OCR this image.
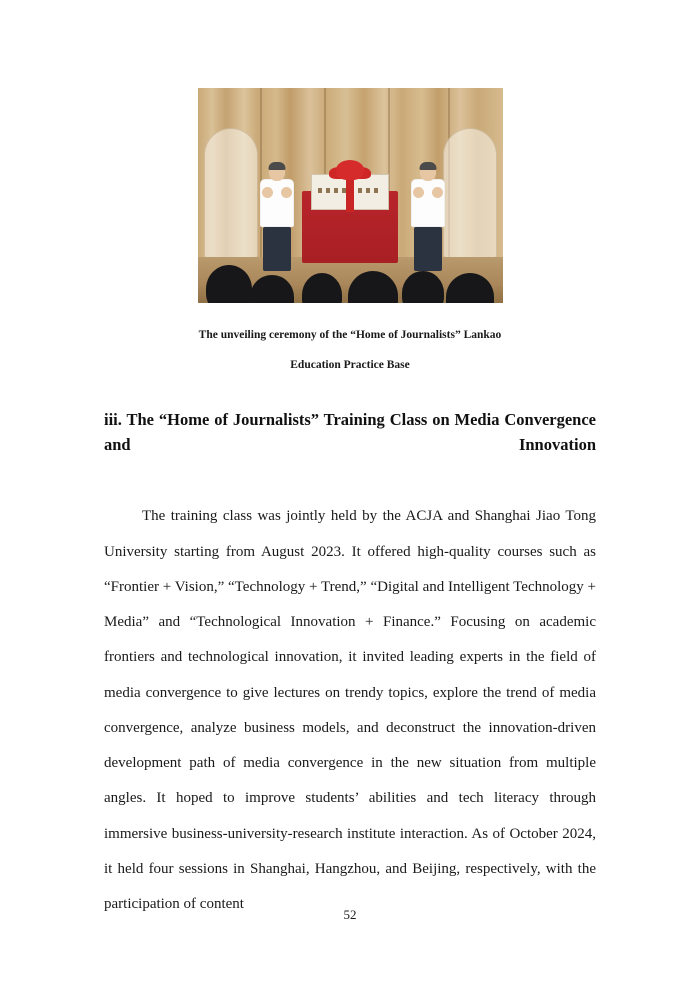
The unveiling ceremony of the “Home of Journalists” Lankao
Education Practice Base
iii. The “Home of Journalists” Training Class on Media Convergence and Innovation

The training class was jointly held by the ACJA and Shanghai Jiao Tong University starting from August 2023. It offered high-quality courses such as “Frontier + Vision,” “Technology + Trend,” “Digital and Intelligent Technology + Media” and “Technological Innovation + Finance.” Focusing on academic frontiers and technological innovation, it invited leading experts in the field of media convergence to give lectures on trendy topics, explore the trend of media convergence, analyze business models, and deconstruct the innovation-driven development path of media convergence in the new situation from multiple angles. It hoped to improve students’ abilities and tech literacy through immersive business-university-research institute interaction. As of October 2024, it held four sessions in Shanghai, Hangzhou, and Beijing, respectively, with the participation of content

52
